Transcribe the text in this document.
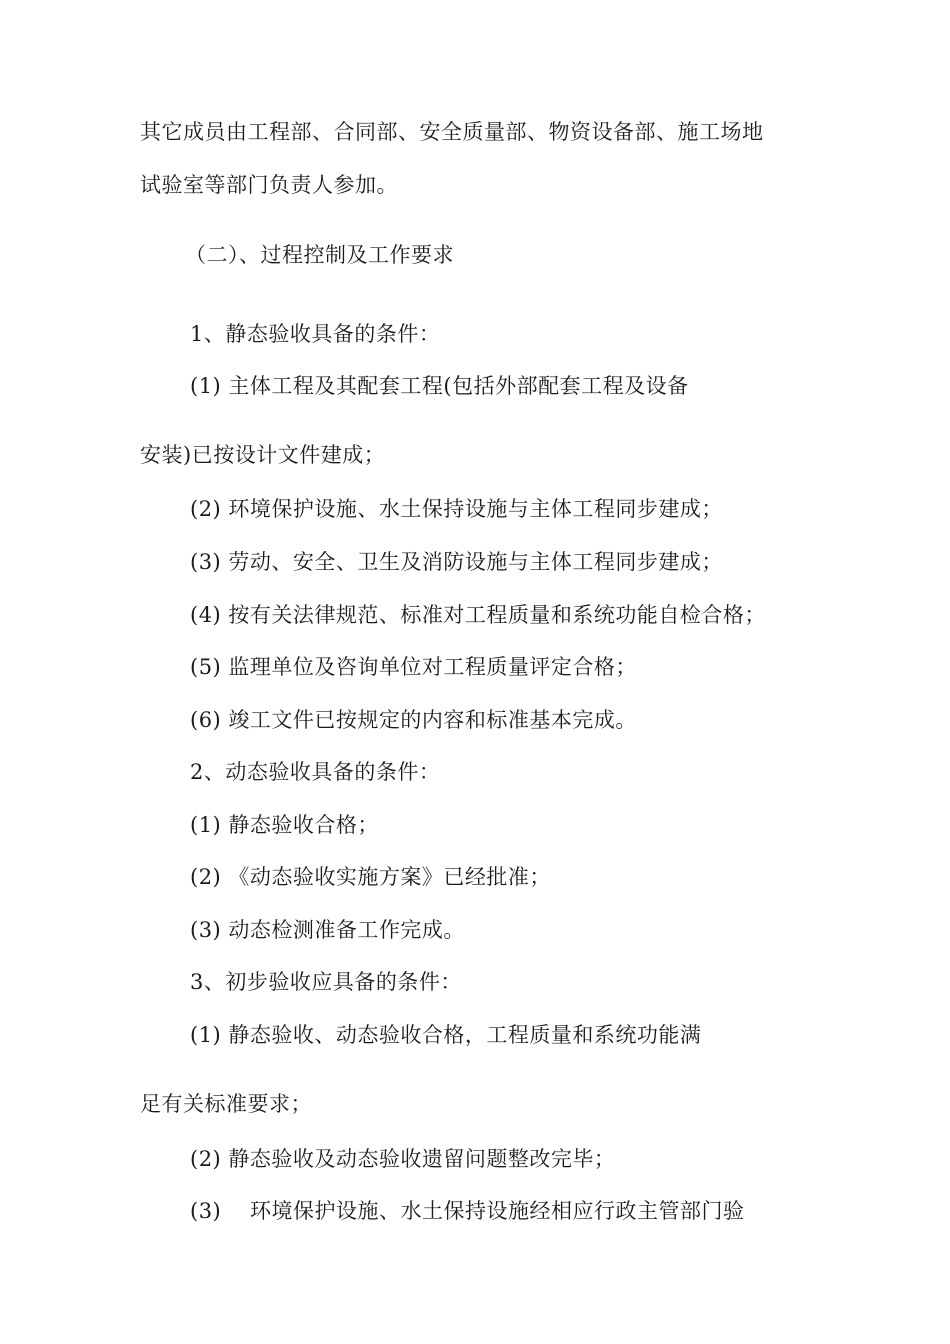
其它成员由工程部、合同部、安全质量部、物资设备部、施工场地
试验室等部门负责人参加。
（二）、过程控制及工作要求
1、静态验收具备的条件：
(1) 主体工程及其配套工程(包括外部配套工程及设备
安装)已按设计文件建成；
(2) 环境保护设施、水土保持设施与主体工程同步建成；
(3) 劳动、安全、卫生及消防设施与主体工程同步建成；
(4) 按有关法律规范、标准对工程质量和系统功能自检合格；
(5) 监理单位及咨询单位对工程质量评定合格；
(6) 竣工文件已按规定的内容和标准基本完成。
2、动态验收具备的条件：
(1) 静态验收合格；
(2) 《动态验收实施方案》已经批准；
(3) 动态检测准备工作完成。
3、初步验收应具备的条件：
(1) 静态验收、动态验收合格，工程质量和系统功能满
足有关标准要求；
(2) 静态验收及动态验收遗留问题整改完毕；
(3)    环境保护设施、水土保持设施经相应行政主管部门验
